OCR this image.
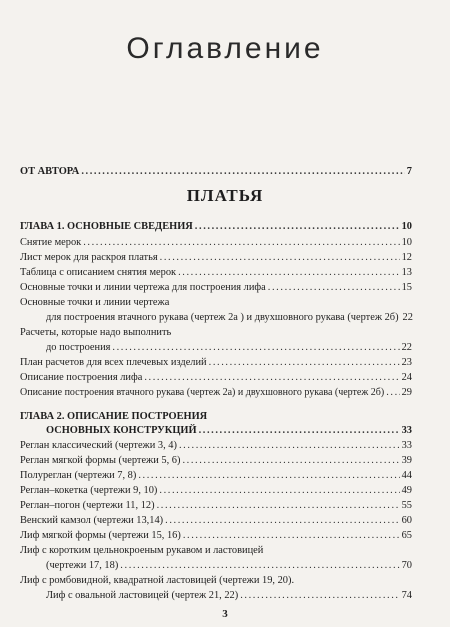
Оглавление
ОТ АВТОРА . . .	7
ПЛАТЬЯ
ГЛАВА 1. ОСНОВНЫЕ СВЕДЕНИЯ . . .	10
Снятие мерок . . .	10
Лист мерок для раскроя платья . . .	12
Таблица с описанием снятия мерок . . .	13
Основные точки и линии чертежа для построения лифа . . .	15
Основные точки и линии чертежа
для построения втачного рукава (чертеж 2а ) и двухшовного рукава (чертеж 2б) 22
Расчеты, которые надо выполнить
до построения . . .	22
План расчетов для всех плечевых изделий . . .	23
Описание построения лифа . . .	24
Описание построения втачного рукава (чертеж 2а) и двухшовного рукава (чертеж 2б) . . . 29
ГЛАВА 2. ОПИСАНИЕ ПОСТРОЕНИЯ
ОСНОВНЫХ КОНСТРУКЦИЙ . . .	33
Реглан классический (чертежи 3, 4) . . .	33
Реглан мягкой формы (чертежи 5, 6) . . .	39
Полуреглан (чертежи 7, 8) . . .	44
Реглан–кокетка (чертежи 9, 10) . . .	49
Реглан–погон (чертежи 11, 12) . . .	55
Венский камзол (чертежи 13,14) . . .	60
Лиф мягкой формы (чертежи 15, 16) . . .	65
Лиф с коротким цельнокроеным рукавом и ластовицей
(чертежи 17, 18) . . .	70
Лиф с ромбовидной, квадратной ластовицей (чертежи 19, 20).
Лиф с овальной ластовицей (чертеж 21, 22) . . .	74
3
